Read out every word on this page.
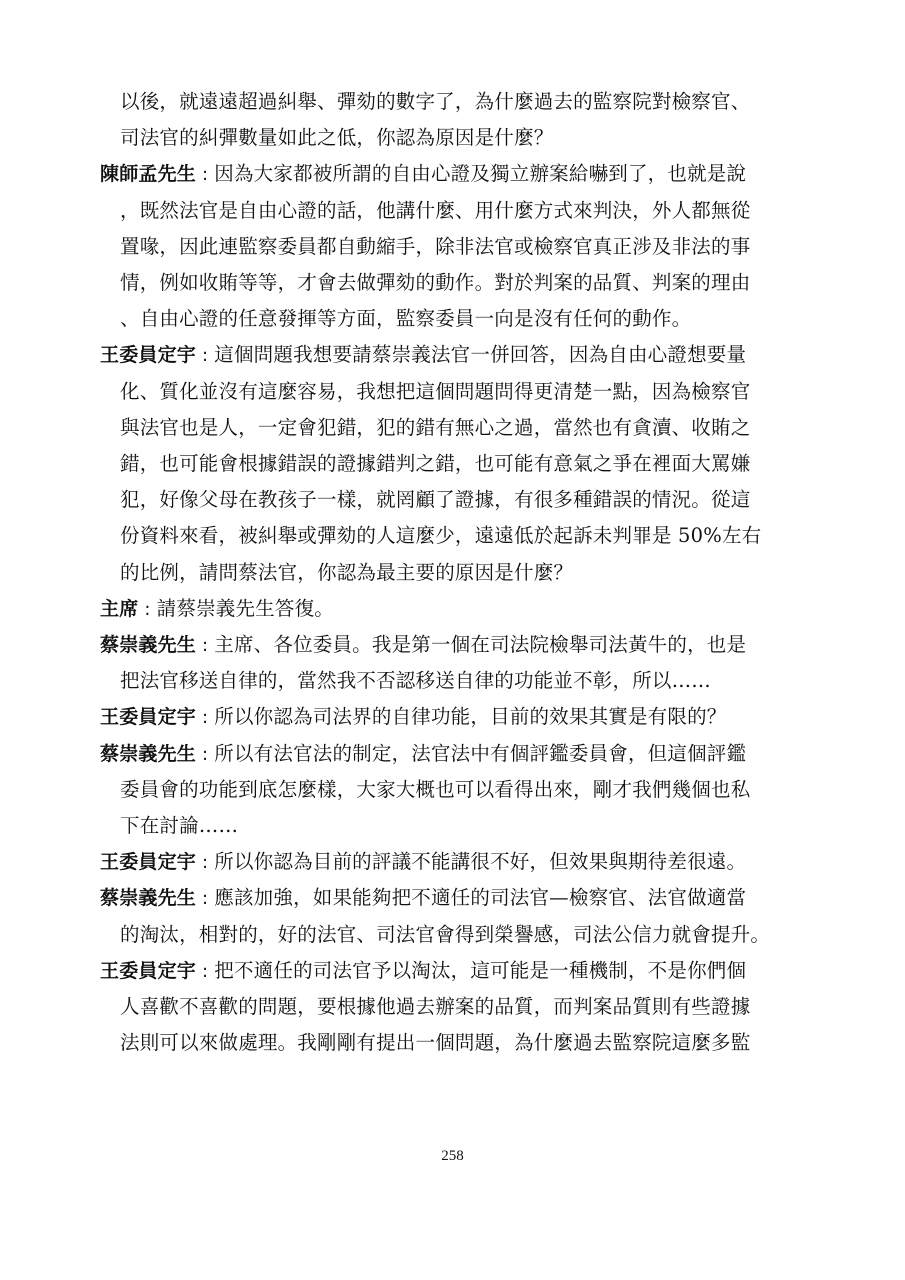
以後，就遠遠超過糾舉、彈劾的數字了，為什麼過去的監察院對檢察官、
司法官的糾彈數量如此之低，你認為原因是什麼？
陳師孟先生 : 因為大家都被所謂的自由心證及獨立辦案給嚇到了，也就是說
，既然法官是自由心證的話，他講什麼、用什麼方式來判決，外人都無從
置喙，因此連監察委員都自動縮手，除非法官或檢察官真正涉及非法的事
情，例如收賄等等，才會去做彈劾的動作。對於判案的品質、判案的理由
、自由心證的任意發揮等方面，監察委員一向是沒有任何的動作。
王委員定宇 : 這個問題我想要請蔡崇義法官一併回答，因為自由心證想要量
化、質化並沒有這麼容易，我想把這個問題問得更清楚一點，因為檢察官
與法官也是人，一定會犯錯，犯的錯有無心之過，當然也有貪瀆、收賄之
錯，也可能會根據錯誤的證據錯判之錯，也可能有意氣之爭在裡面大罵嫌
犯，好像父母在教孩子一樣，就罔顧了證據，有很多種錯誤的情況。從這
份資料來看，被糾舉或彈劾的人這麼少，遠遠低於起訴未判罪是 50%左右
的比例，請問蔡法官，你認為最主要的原因是什麼？
主席 : 請蔡崇義先生答復。
蔡崇義先生 : 主席、各位委員。我是第一個在司法院檢舉司法黃牛的，也是
把法官移送自律的，當然我不否認移送自律的功能並不彰，所以……
王委員定宇 : 所以你認為司法界的自律功能，目前的效果其實是有限的？
蔡崇義先生 : 所以有法官法的制定，法官法中有個評鑑委員會，但這個評鑑
委員會的功能到底怎麼樣，大家大概也可以看得出來，剛才我們幾個也私
下在討論……
王委員定宇 : 所以你認為目前的評議不能講很不好，但效果與期待差很遠。
蔡崇義先生 : 應該加強，如果能夠把不適任的司法官—檢察官、法官做適當
的淘汰，相對的，好的法官、司法官會得到榮譽感，司法公信力就會提升。
王委員定宇 : 把不適任的司法官予以淘汰，這可能是一種機制，不是你們個
人喜歡不喜歡的問題，要根據他過去辦案的品質，而判案品質則有些證據
法則可以來做處理。我剛剛有提出一個問題，為什麼過去監察院這麼多監
258
